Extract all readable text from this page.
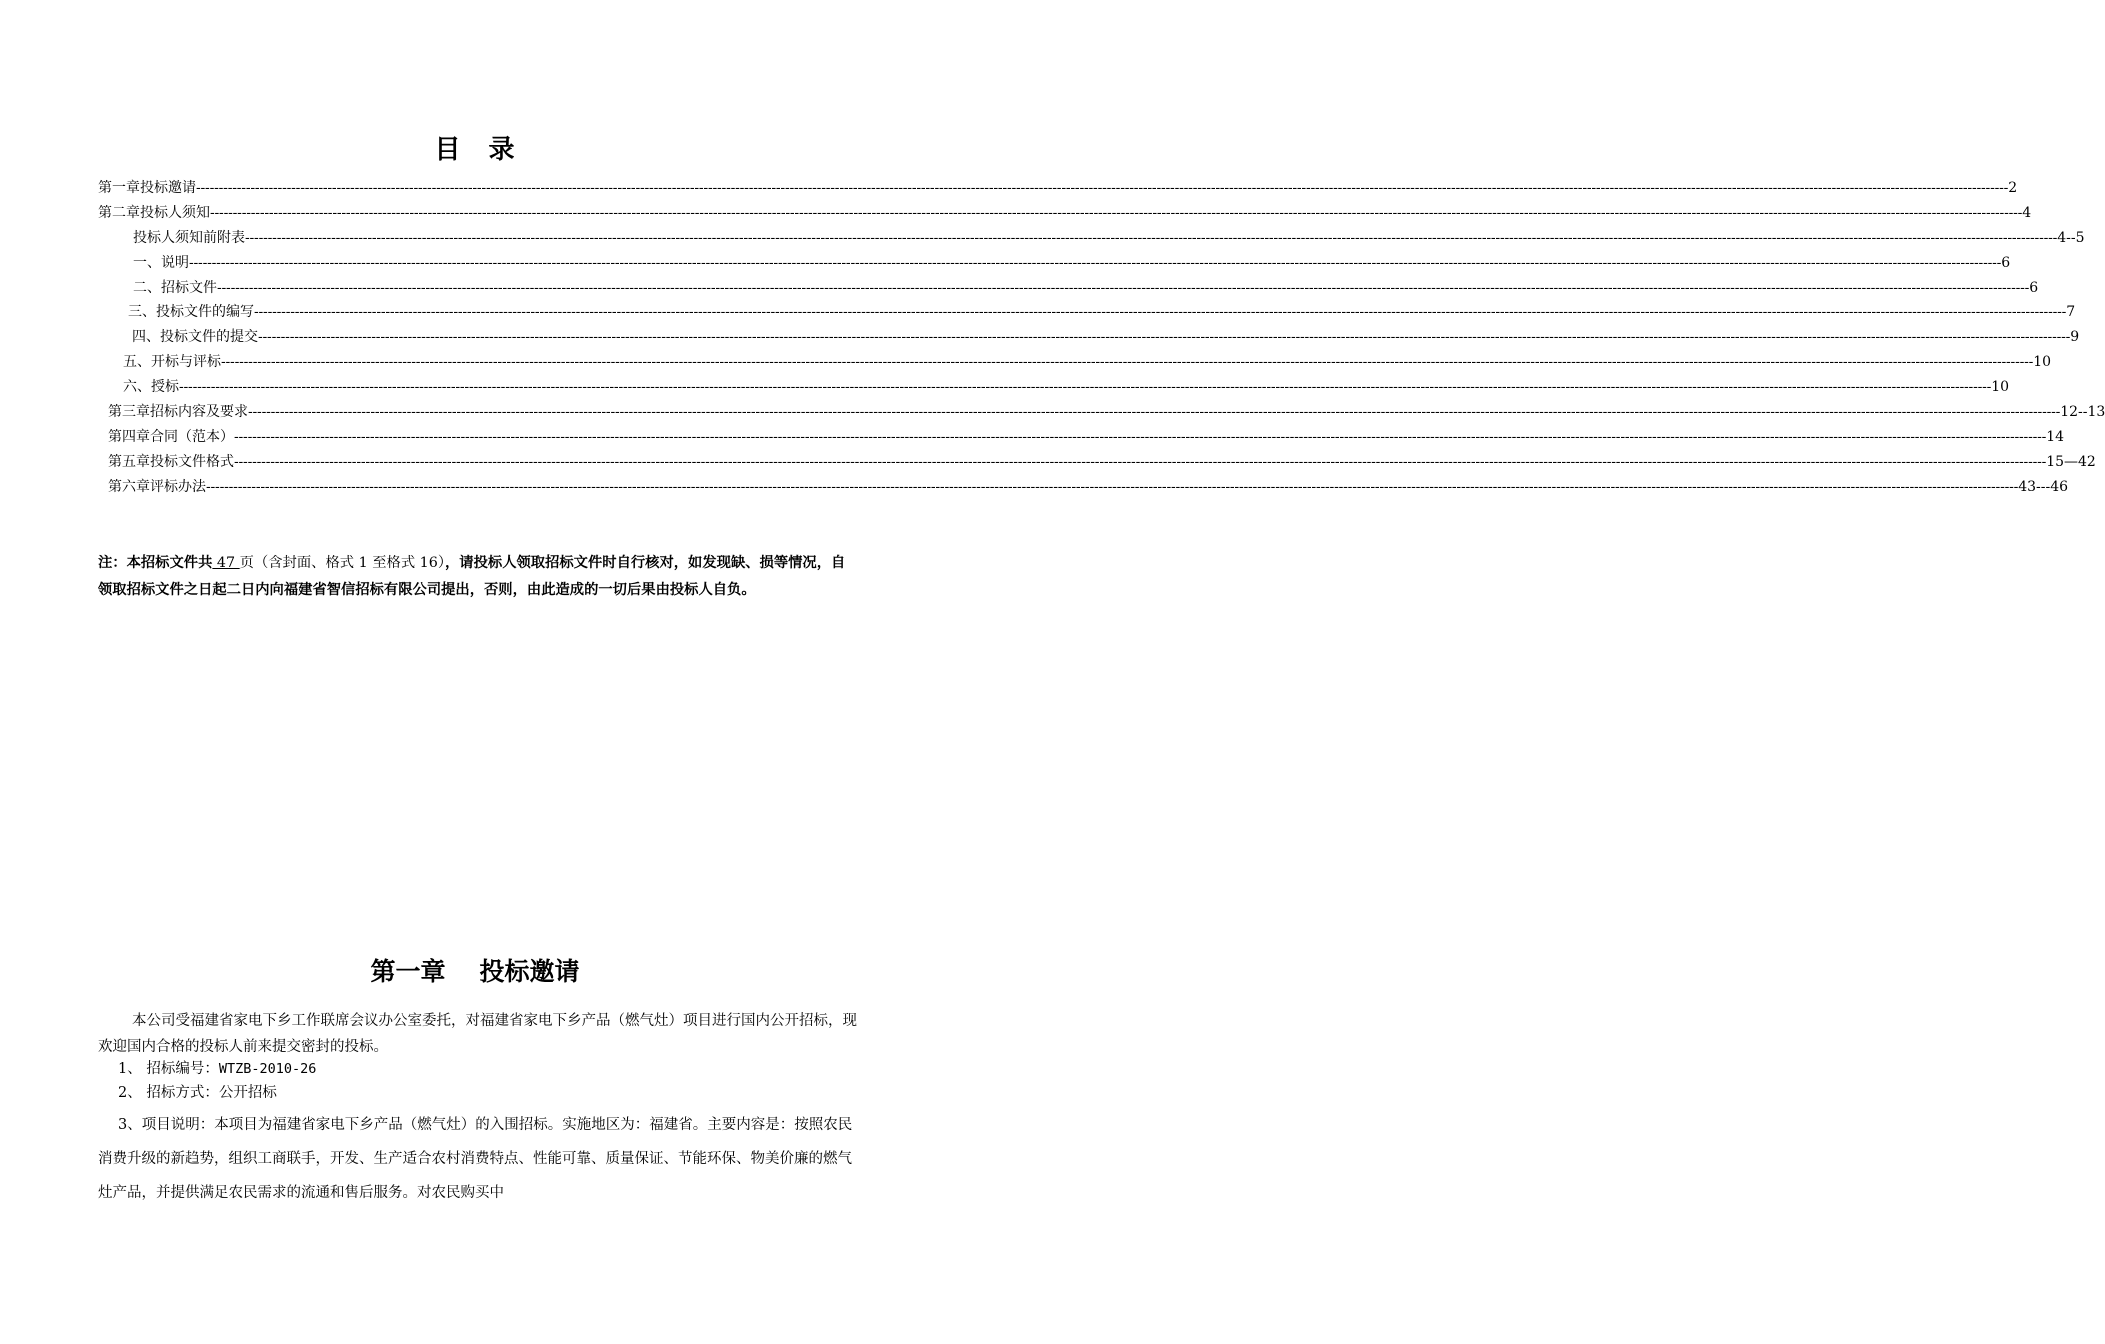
目　录
第一章 投标邀请 ---------------------------------------------------------------------------------------------------------------------------------------------------------------------------------------------------------------------------------------------------------------------------------------------------------------------------------------------------------------------------------------------------------------- 2
第二章 投标人须知 ---------------------------------------------------------------------------------------------------------------------------------------------------------------------------------------------------------------------------------------------------------------------------------------------------------------------------------------------------------------------------------------------------------------- 4
投标人须知前附表 ---------------------------------------------------------------------------------------------------------------------------------------------------------------------------------------------------------------------------------------------------------------------------------------------------------------------------------------------------------------------------------------------------------------- 4--5
一、 说明 ---------------------------------------------------------------------------------------------------------------------------------------------------------------------------------------------------------------------------------------------------------------------------------------------------------------------------------------------------------------------------------------------------------------- 6
二、 招标文件 ---------------------------------------------------------------------------------------------------------------------------------------------------------------------------------------------------------------------------------------------------------------------------------------------------------------------------------------------------------------------------------------------------------------- 6
三、 投标文件的编写 ---------------------------------------------------------------------------------------------------------------------------------------------------------------------------------------------------------------------------------------------------------------------------------------------------------------------------------------------------------------------------------------------------------------- 7
四、 投标文件的提交 ---------------------------------------------------------------------------------------------------------------------------------------------------------------------------------------------------------------------------------------------------------------------------------------------------------------------------------------------------------------------------------------------------------------- 9
五、 开标与评标 ---------------------------------------------------------------------------------------------------------------------------------------------------------------------------------------------------------------------------------------------------------------------------------------------------------------------------------------------------------------------------------------------------------------- 10
六、 授标 ---------------------------------------------------------------------------------------------------------------------------------------------------------------------------------------------------------------------------------------------------------------------------------------------------------------------------------------------------------------------------------------------------------------- 10
第三章 招标内容及要求 ---------------------------------------------------------------------------------------------------------------------------------------------------------------------------------------------------------------------------------------------------------------------------------------------------------------------------------------------------------------------------------------------------------------- 12--13
第四章 合同（范本） ---------------------------------------------------------------------------------------------------------------------------------------------------------------------------------------------------------------------------------------------------------------------------------------------------------------------------------------------------------------------------------------------------------------- 14
第五章 投标文件格式 ---------------------------------------------------------------------------------------------------------------------------------------------------------------------------------------------------------------------------------------------------------------------------------------------------------------------------------------------------------------------------------------------------------------- 15—42
第六章 评标办法 ---------------------------------------------------------------------------------------------------------------------------------------------------------------------------------------------------------------------------------------------------------------------------------------------------------------------------------------------------------------------------------------------------------------- 43---46
注：本招标文件共 47 页（含封面、格式 1 至格式 16），请投标人领取招标文件时自行核对，如发现缺、损等情况，自领取招标文件之日起二日内向福建省智信招标有限公司提出，否则，由此造成的一切后果由投标人自负。
第一章 投标邀请
本公司受福建省家电下乡工作联席会议办公室委托，对福建省家电下乡产品（燃气灶）项目进行国内公开招标，现欢迎国内合格的投标人前来提交密封的投标。
1、 招标编号：WTZB-2010-26
2、 招标方式：公开招标
3、项目说明：本项目为福建省家电下乡产品（燃气灶）的入围招标。实施地区为：福建省。主要内容是：按照农民消费升级的新趋势，组织工商联手，开发、生产适合农村消费特点、性能可靠、质量保证、节能环保、物美价廉的燃气灶产品，并提供满足农民需求的流通和售后服务。对农民购买中
